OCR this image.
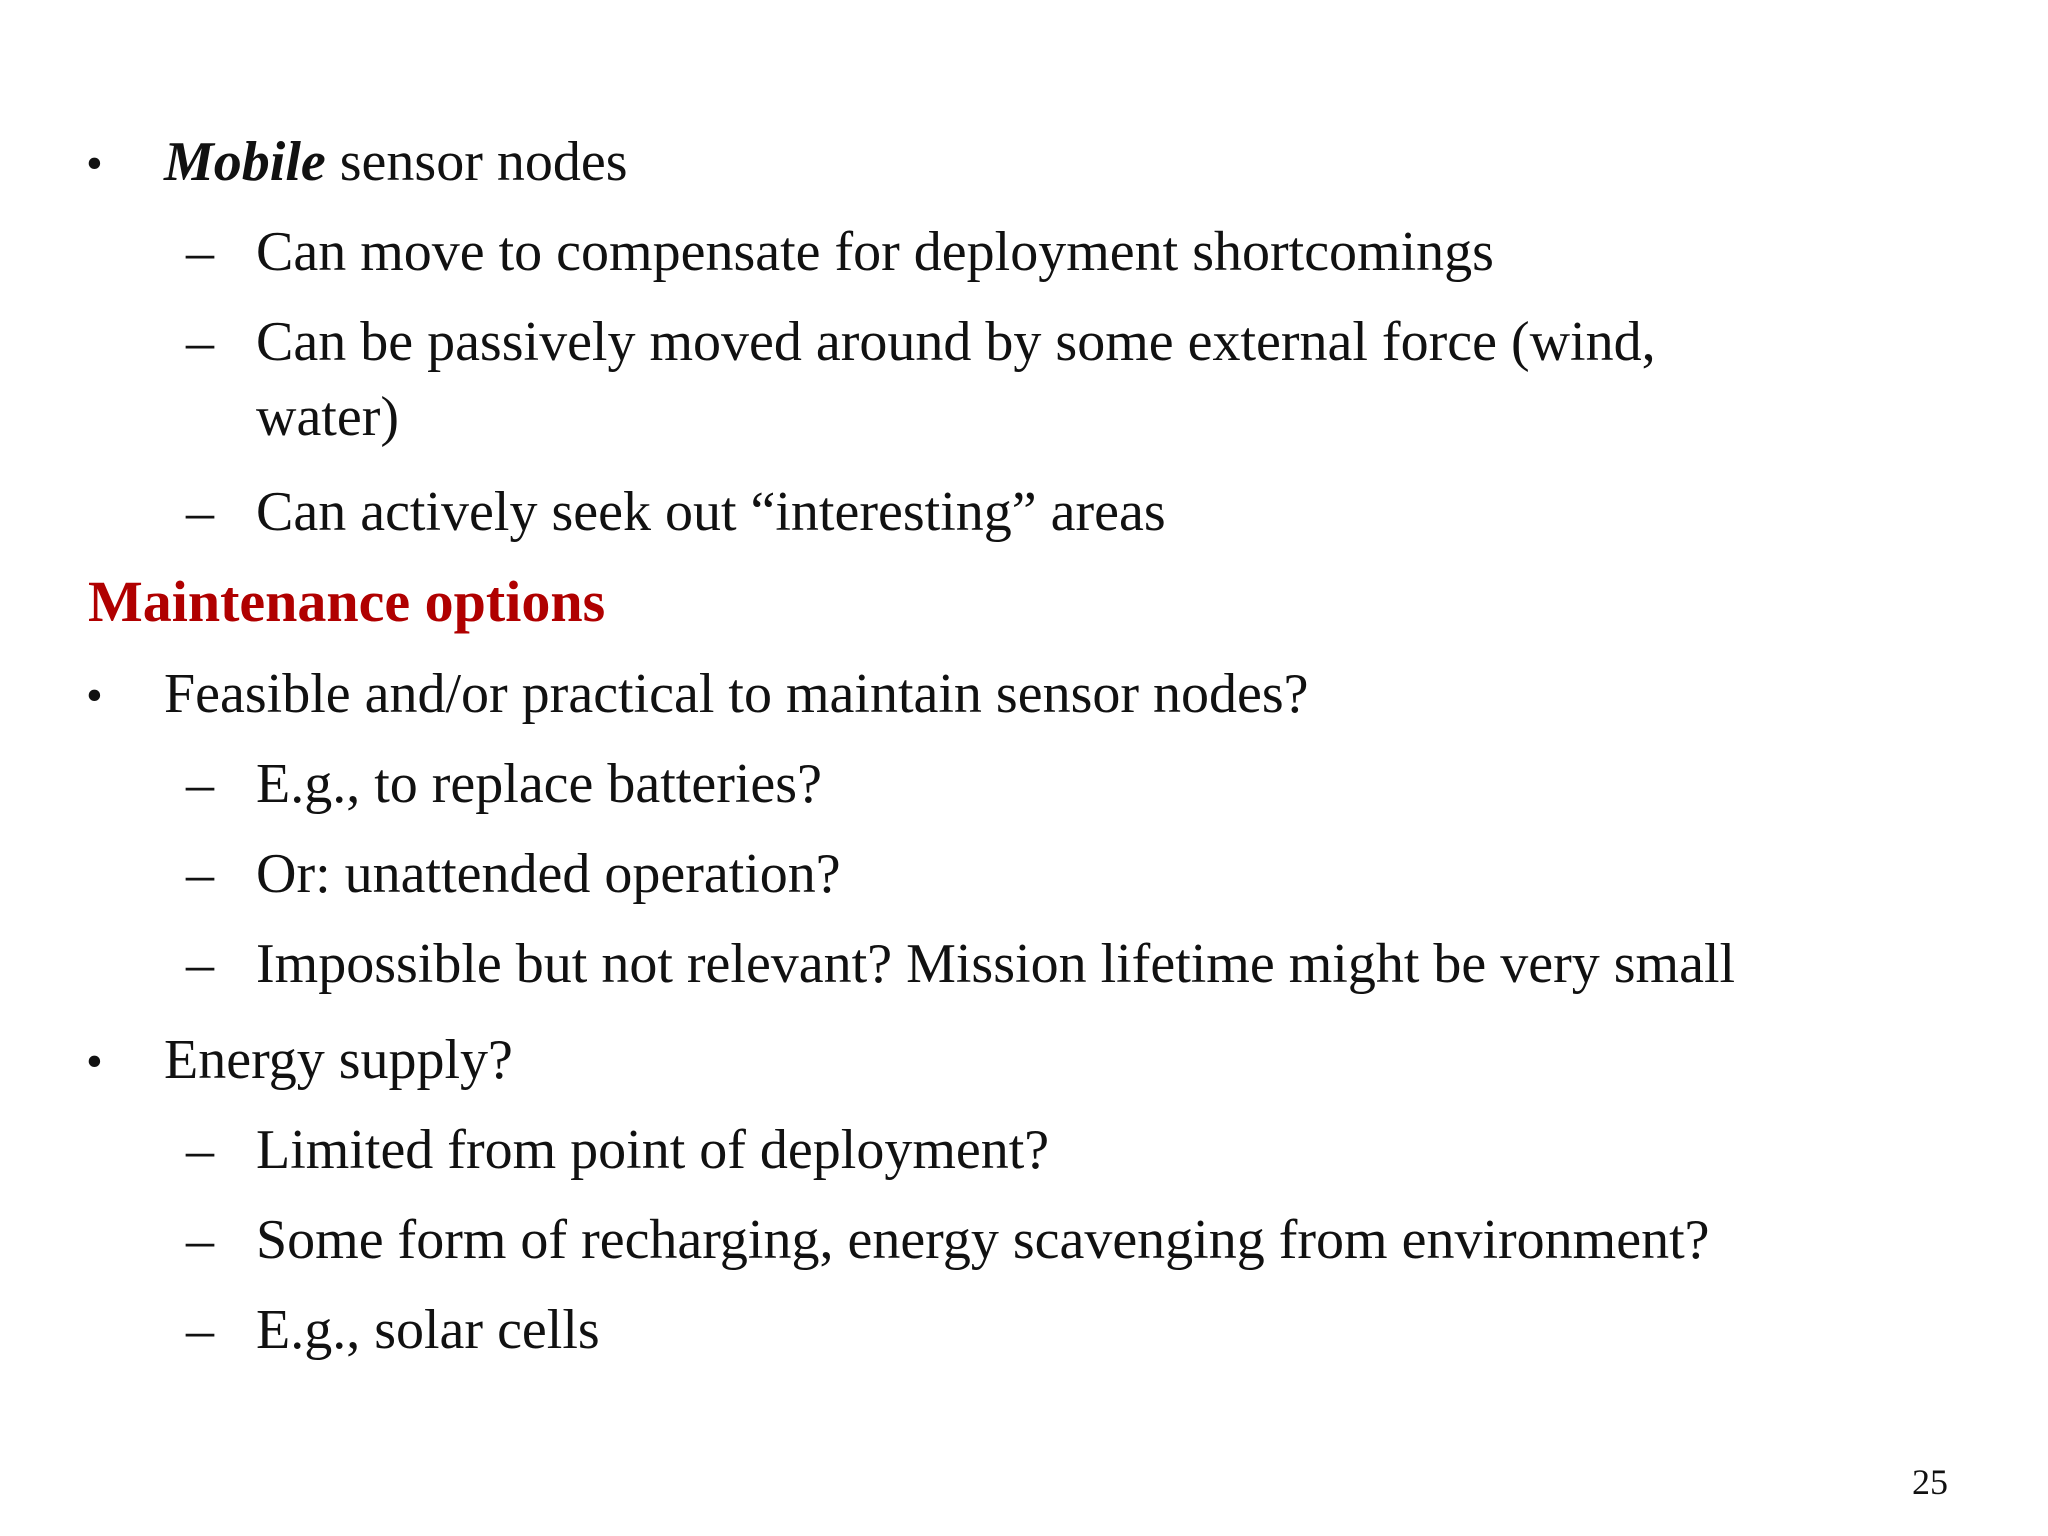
• Mobile sensor nodes
– Can move to compensate for deployment shortcomings
– Can be passively moved around by some external force (wind,
water)
– Can actively seek out “interesting” areas
Maintenance options
• Feasible and/or practical to maintain sensor nodes?
– E.g., to replace batteries?
– Or: unattended operation?
– Impossible but not relevant? Mission lifetime might be very small
• Energy supply?
– Limited from point of deployment?
– Some form of recharging, energy scavenging from environment?
– E.g., solar cells
25
